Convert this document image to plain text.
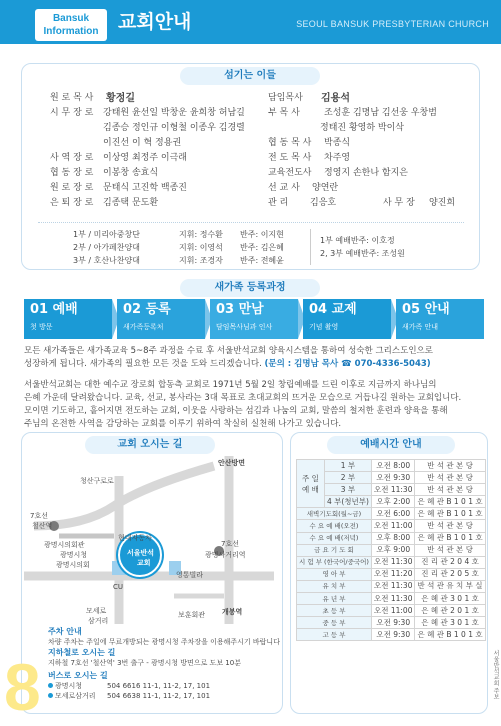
Bansuk
Information	교회안내	SEOUL BANSUK PRESBYTERIAN CHURCH
섬기는 이들
원 로 목 사 황정길
시 무 장 로 강태원 윤선일 박창운 윤희창 허남길
김종승 정인규 이형철 이종우 김경렬
이진선 이 혁 정용권
사 역 장 로 이상영 최정주 이극래
협 동 장 로 이봉창 송효식
원 로 장 로 문태식 고진학 백종진
은 퇴 장 로 김종택 문도환
담임목사 김용석
부 목 사	조성훈 김명남 김선웅 우창범
정태진 황영하 박이삭
협 동 목 사 박종식
전 도 목 사 차주영
교육전도사 정영지 손한나 함지은
선 교 사 양연란
관 리 김응호	사 무 장 양진희
1부 / 미리아중창단	지휘: 정수환 반주: 이지현
2부 / 아가페찬양대	지휘: 이영석 반주: 김은혜
3부 / 호산나찬양대	지휘: 조경자 반주: 전혜윤
1부 예배반주: 이호정
2, 3부 예배반주: 조성원
새가족 등록과정
01 예배
첫 방문
02 등록
새가족등록처
03 만남
담임목사님과 인사
04 교제
기념 촬영
05 안내
새가족 안내
모든 새가족들은 새가족교육 5~8주 과정을 수료 후 서울반석교회 양육시스템을 통하여 성숙한 그리스도인으로
성장하게 됩니다. 새가족의 필요한 모든 것을 도와 드리겠습니다. (문의 : 김명남 목사 ☎ 070-4336-5043)
서울반석교회는 대한 예수교 장로회 합동측 교회로 1971년 5월 2일 창립예배를 드린 이후로 지금까지 하나님의
은혜 가운데 달려왔습니다. 교육, 선교, 봉사라는 3대 목표로 초대교회의 뜨거운 모습으로 거듭나길 원하는 교회입니다.
모이면 기도하고, 흩어지면 전도하는 교회, 이웃을 사랑하는 섬김과 나눔의 교회, 말씀의 철저한 훈련과 양육을 통해
주님의 온전한 사역을 감당하는 교회를 이루기 위하여 착실히 실천해 나가고 있습니다.
교회 오시는 길
안산방면
청산구로로
7호선
철산역
광명시의회관
광명시청
광명시의회
현대자동차
서울반석
교회
7호선
광명사거리역
영통빌라
CU
모세로
삼거리
보훈회관 개봉역
주차 안내
차량 주차는 주일에 무료개방되는 광명시청 주차장을 이용해주시기 바랍니다
지하철로 오시는 길
지하철 7호선 '철산역' 3번 출구 - 광명시청 방면으로 도보 10분
버스로 오시는 길
광명시청	504 6616 11-1, 11-2, 17, 101
모세로삼거리 504 6638 11-1, 11-2, 17, 101
예배시간 안내
주 일 예 배	1 부	오전 8:00	반 석 관 본 당
	2 부	오전 9:30	반 석 관 본 당
	3 부	오전 11:30	반 석 관 본 당
	4 부(청년부)	오후 2:00	은 혜 관 B 1 0 1 호
새벽기도회(월~금)		오전 6:00	은 혜 관 B 1 0 1 호
수 요 예 배(오전)		오전 11:00	반 석 관 본 당
수 요 예 배(저녁)		오후 8:00	은 혜 관 B 1 0 1 호
금 요 기 도 회		오후 9:00	반 석 관 본 당
시 험 부 (한국어/중국어)		오전 11:30	진 리 관 2 0 4 호
영 아 부		오전 11:20	진 리 관 2 0 5 호
유 치 부		오전 11:30	반 석 관 유 치 부 실
유 년 부		오전 11:30	은 혜 관 3 0 1 호
초 등 부		오전 11:00	은 혜 관 2 0 1 호
중 등 부		오전 9:30	은 혜 관 3 0 1 호
고 등 부		오전 9:30	은 혜 관 B 1 0 1 호
8	서울반석교회 주보
